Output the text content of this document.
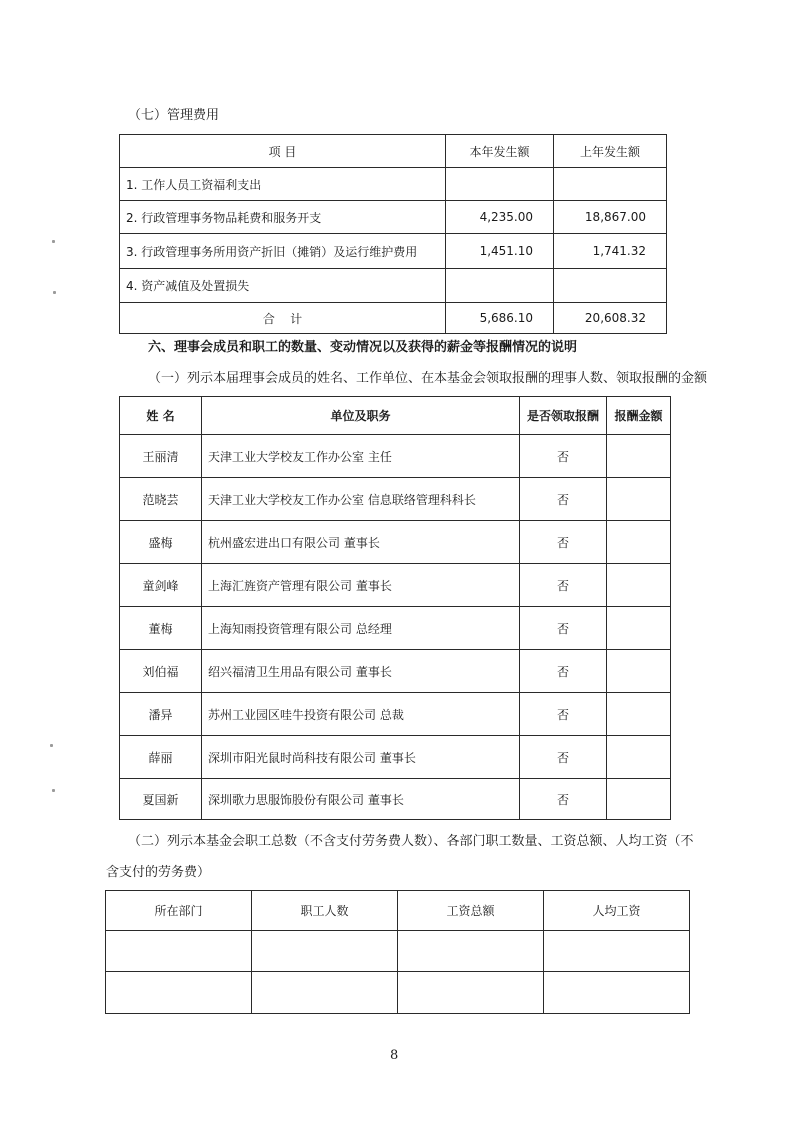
（七）管理费用
项 目	本年发生额	上年发生额
1. 工作人员工资福利支出		
2. 行政管理事务物品耗费和服务开支	4,235.00	18,867.00
3. 行政管理事务所用资产折旧（摊销）及运行维护费用	1,451.10	1,741.32
4. 资产减值及处置损失		
合    计	5,686.10	20,608.32
六、理事会成员和职工的数量、变动情况以及获得的薪金等报酬情况的说明
（一）列示本届理事会成员的姓名、工作单位、在本基金会领取报酬的理事人数、领取报酬的金额
姓 名	单位及职务	是否领取报酬	报酬金额
王丽清	天津工业大学校友工作办公室 主任	否	
范晓芸	天津工业大学校友工作办公室 信息联络管理科科长	否	
盛梅	杭州盛宏进出口有限公司 董事长	否	
童剑峰	上海汇旌资产管理有限公司 董事长	否	
董梅	上海知雨投资管理有限公司 总经理	否	
刘伯福	绍兴福清卫生用品有限公司 董事长	否	
潘异	苏州工业园区哇牛投资有限公司 总裁	否	
薛丽	深圳市阳光鼠时尚科技有限公司 董事长	否	
夏国新	深圳歌力思服饰股份有限公司 董事长	否	
（二）列示本基金会职工总数（不含支付劳务费人数）、各部门职工数量、工资总额、人均工资（不
含支付的劳务费）
所在部门	职工人数	工资总额	人均工资

8
